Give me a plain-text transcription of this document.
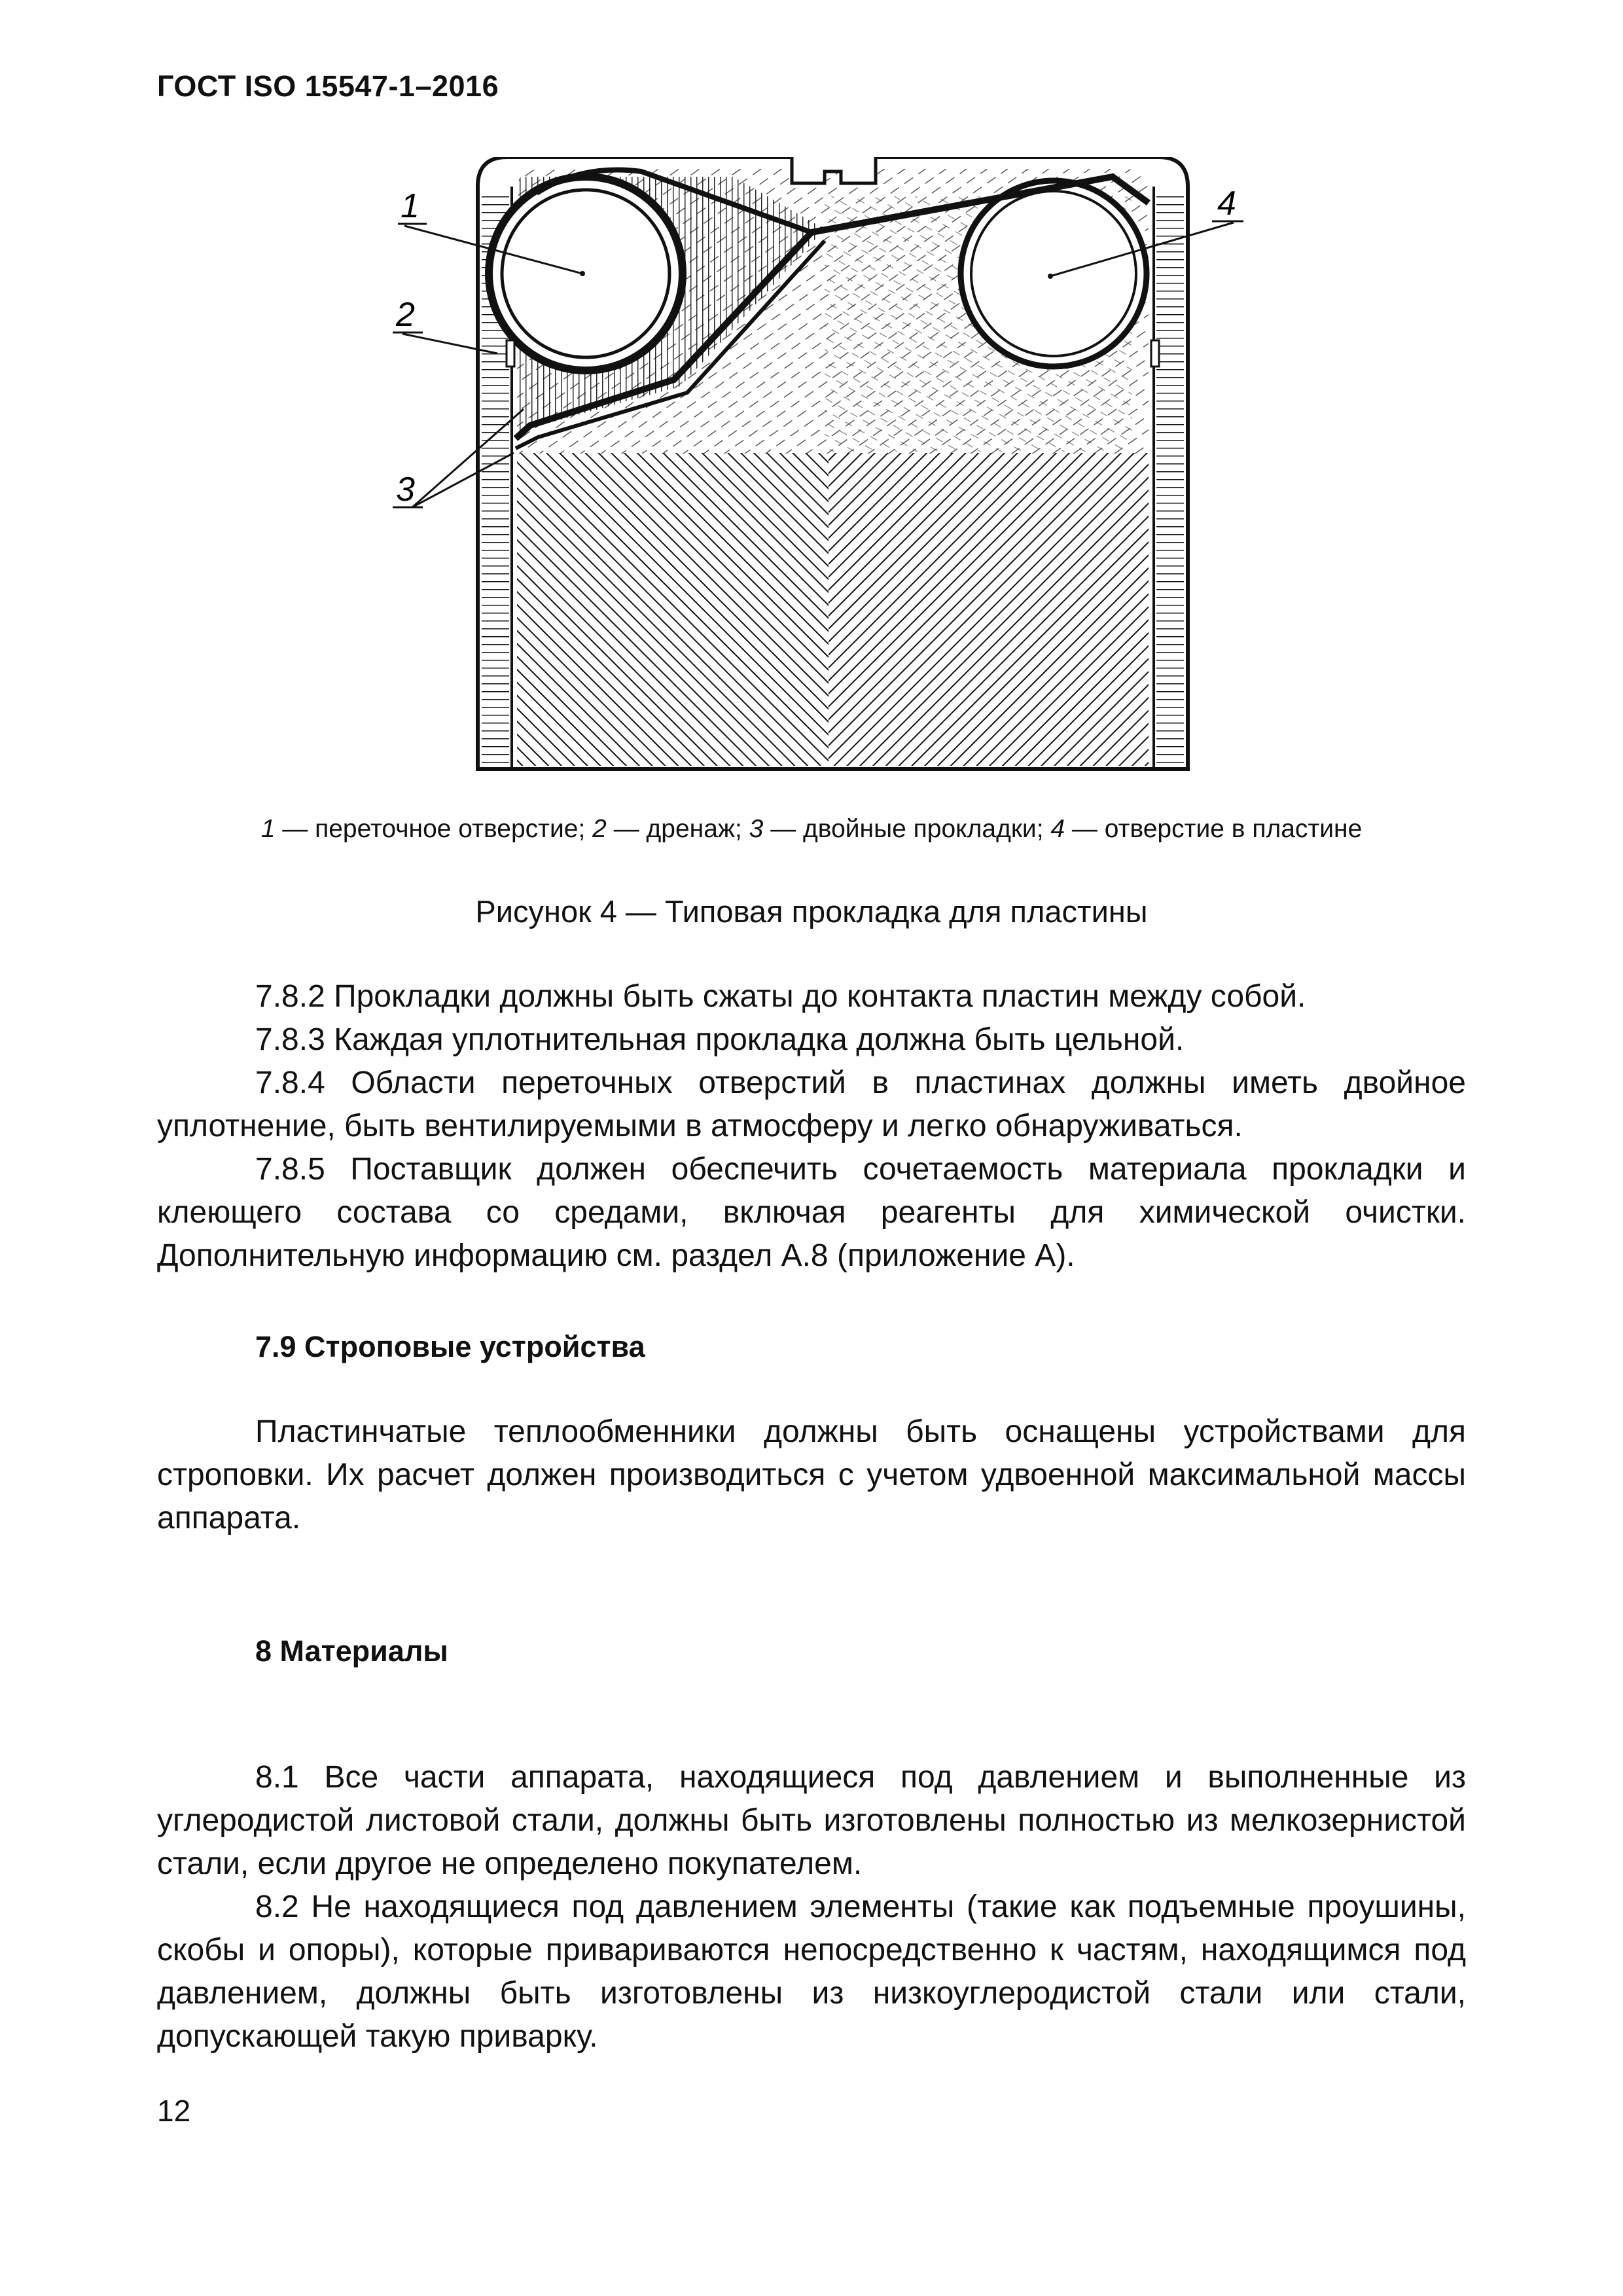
ГОСТ ISO 15547-1–2016
1
2
3
4
1 — переточное отверстие; 2 — дренаж; 3 — двойные прокладки; 4 — отверстие в пластине
Рисунок 4 — Типовая прокладка для пластины

7.8.2 Прокладки должны быть сжаты до контакта пластин между собой.

7.8.3 Каждая уплотнительная прокладка должна быть цельной.

7.8.4 Области переточных отверстий в пластинах должны иметь двойное уплотнение, быть вентилируемыми в атмосферу и легко обнаруживаться.

7.8.5 Поставщик должен обеспечить сочетаемость материала прокладки и клеющего состава со средами, включая реагенты для химической очистки. Дополнительную информацию см. раздел А.8 (приложение А).

7.9 Строповые устройства

Пластинчатые теплообменники должны быть оснащены устройствами для строповки. Их расчет должен производиться с учетом удвоенной максимальной массы аппарата.

8 Материалы

8.1 Все части аппарата, находящиеся под давлением и выполненные из углеродистой листовой стали, должны быть изготовлены полностью из мелкозернистой стали, если другое не определено покупателем.

8.2 Не находящиеся под давлением элементы (такие как подъемные проушины, скобы и опоры), которые привариваются непосредственно к частям, находящимся под давлением, должны быть изготовлены из низкоуглеродистой стали или стали, допускающей такую приварку.

12
